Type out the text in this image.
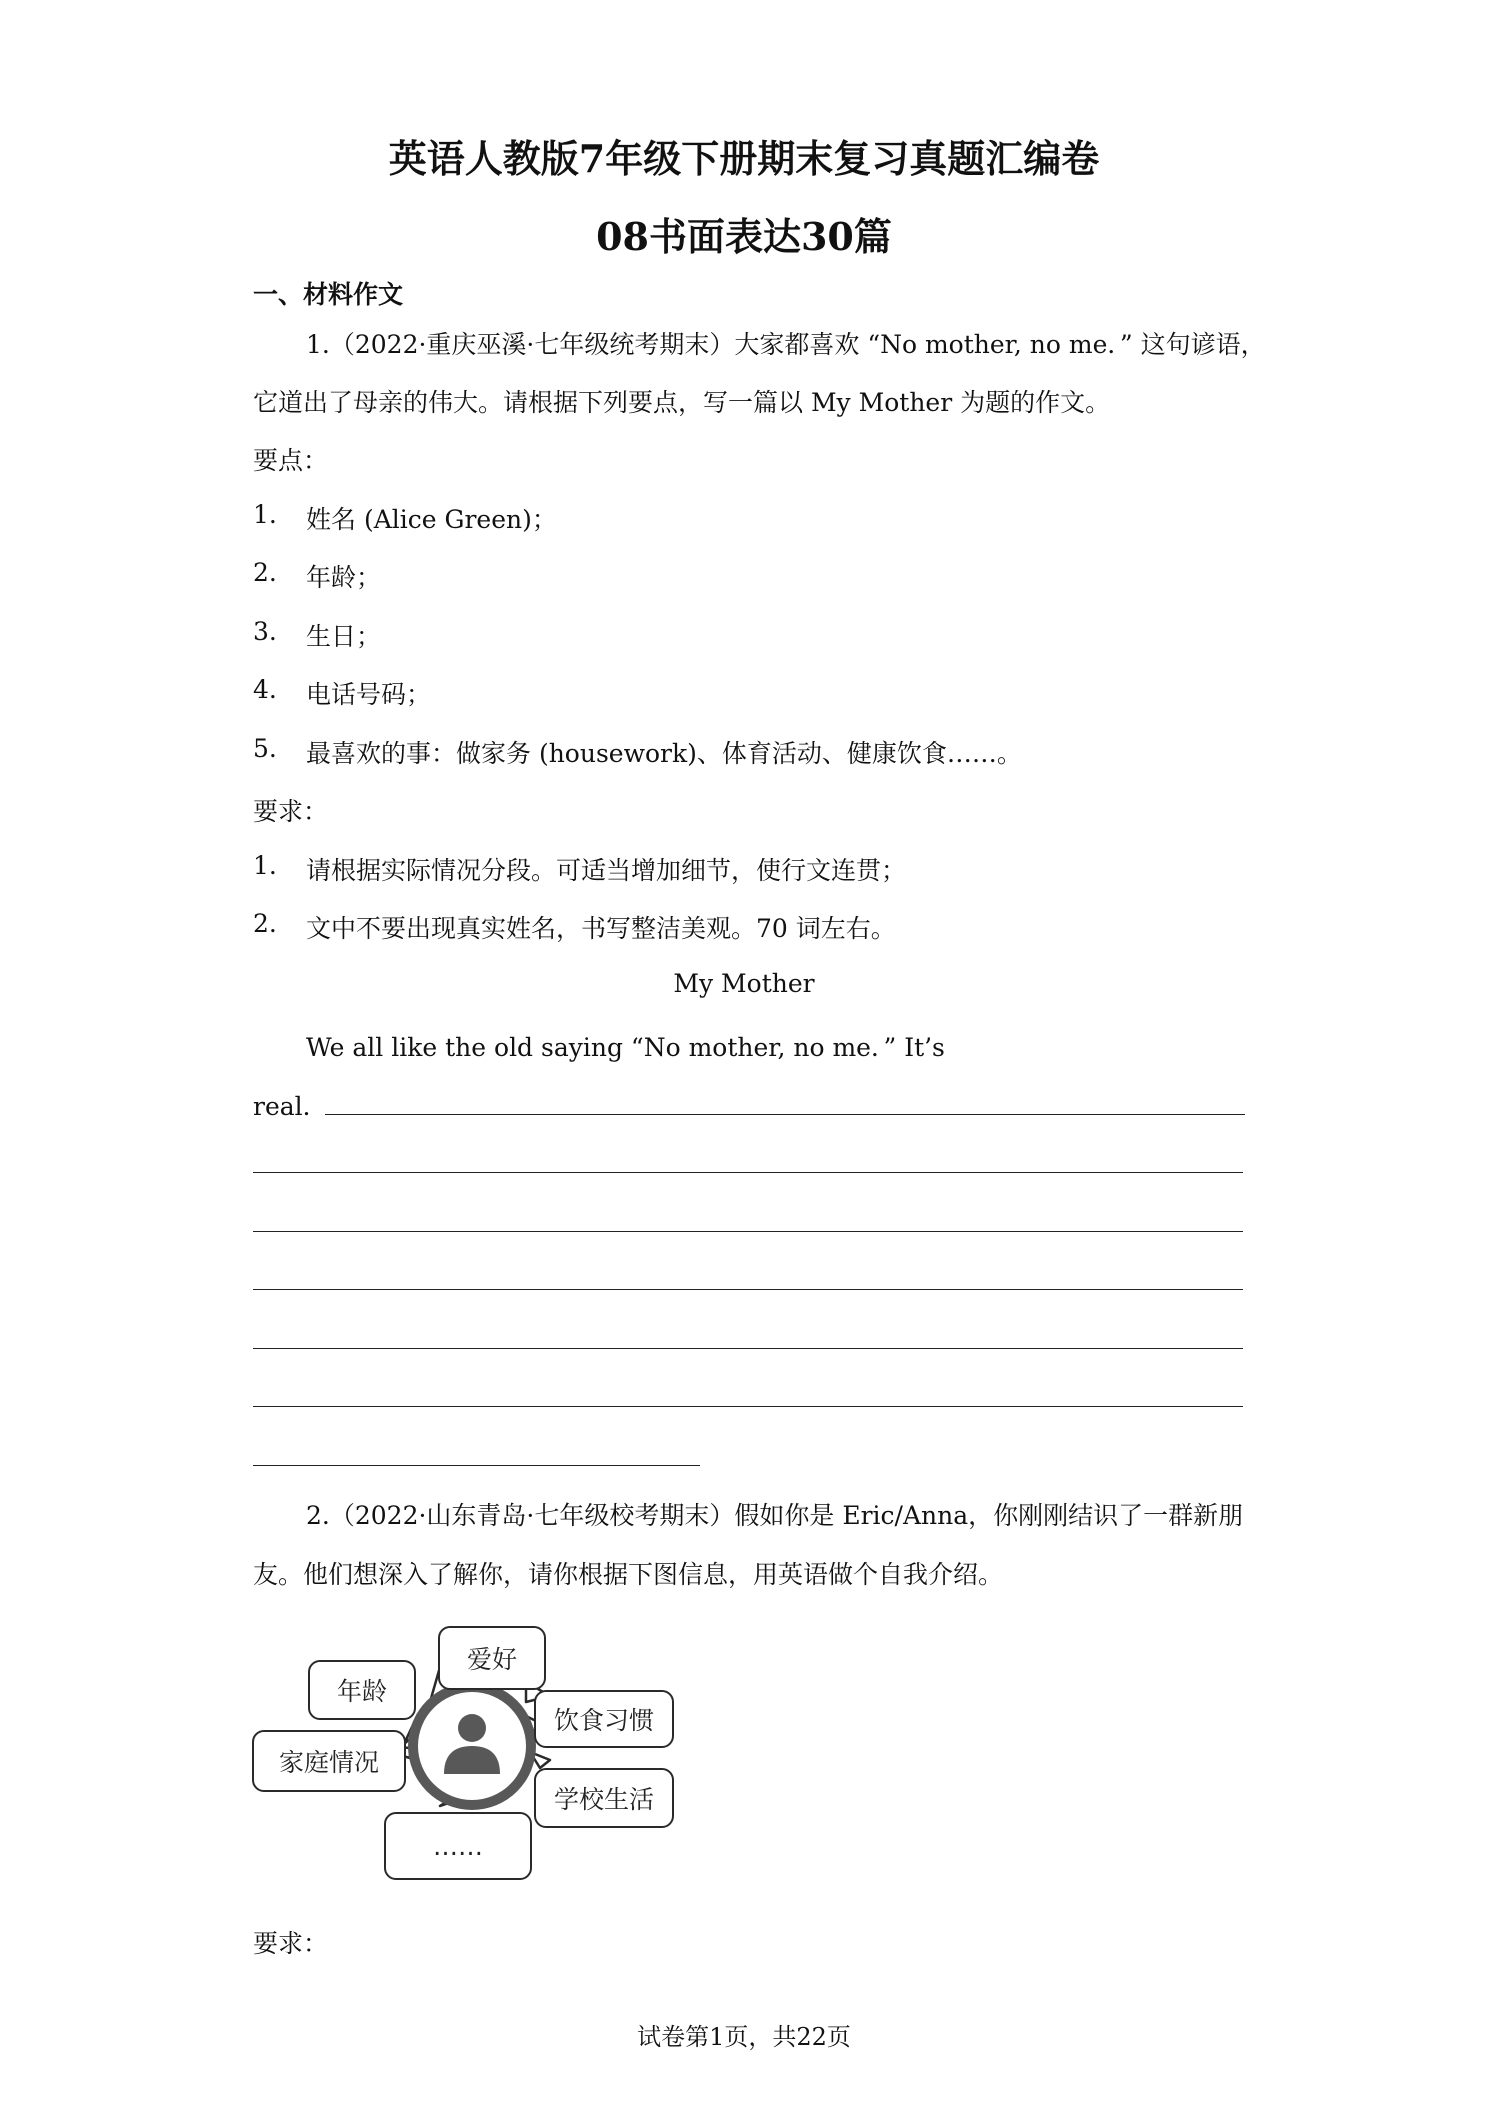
英语人教版7年级下册期末复习真题汇编卷
08书面表达30篇
一、材料作文
1.（2022·重庆巫溪·七年级统考期末）大家都喜欢 “No mother, no me．” 这句谚语，
它道出了母亲的伟大。请根据下列要点，写一篇以 My Mother 为题的作文。
要点：
1. 姓名 (Alice Green)；
2. 年龄；
3. 生日；
4. 电话号码；
5. 最喜欢的事：做家务 (housework)、体育活动、健康饮食……。
要求：
1. 请根据实际情况分段。可适当增加细节，使行文连贯；
2. 文中不要出现真实姓名，书写整洁美观。70 词左右。
My Mother
We all like the old saying “No mother, no me．” It’s
real．
2.（2022·山东青岛·七年级校考期末）假如你是 Eric/Anna，你刚刚结识了一群新朋
友。他们想深入了解你，请你根据下图信息，用英语做个自我介绍。
爱好
年龄
饮食习惯
家庭情况
学校生活
……
要求：
试卷第1页，共22页
